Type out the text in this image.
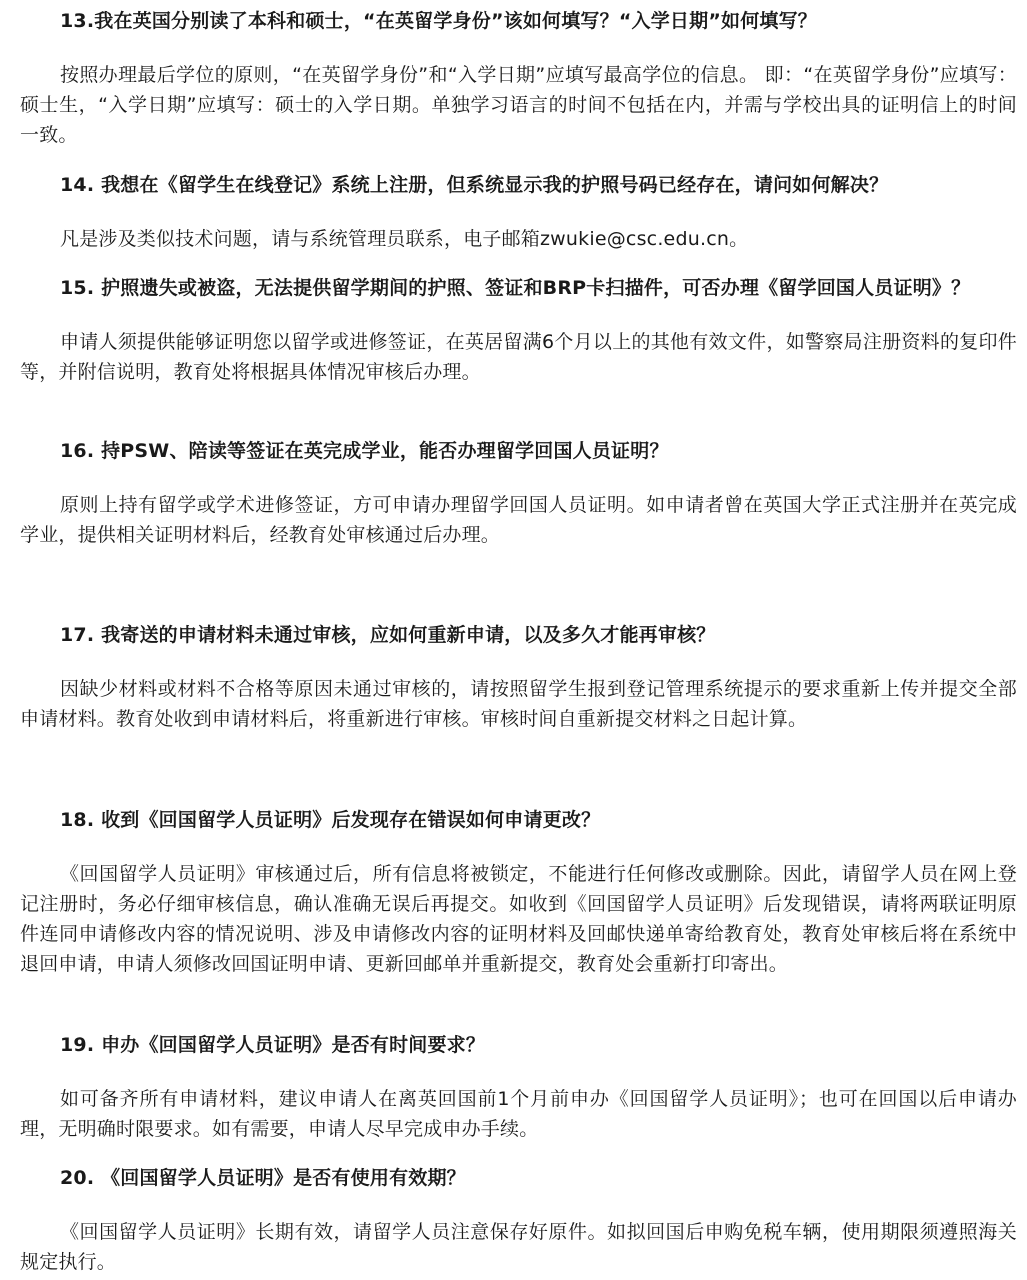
13.我在英国分别读了本科和硕士，“在英留学身份”该如何填写？“入学日期”如何填写？

按照办理最后学位的原则，“在英留学身份”和“入学日期”应填写最高学位的信息。 即：“在英留学身份”应填写：硕士生，“入学日期”应填写：硕士的入学日期。单独学习语言的时间不包括在内，并需与学校出具的证明信上的时间一致。

14. 我想在《留学生在线登记》系统上注册，但系统显示我的护照号码已经存在，请问如何解决？

凡是涉及类似技术问题，请与系统管理员联系，电子邮箱zwukie@csc.edu.cn。

15. 护照遗失或被盗，无法提供留学期间的护照、签证和BRP卡扫描件，可否办理《留学回国人员证明》？

申请人须提供能够证明您以留学或进修签证，在英居留满6个月以上的其他有效文件，如警察局注册资料的复印件等，并附信说明，教育处将根据具体情况审核后办理。

16. 持PSW、陪读等签证在英完成学业，能否办理留学回国人员证明？

原则上持有留学或学术进修签证，方可申请办理留学回国人员证明。如申请者曾在英国大学正式注册并在英完成学业，提供相关证明材料后，经教育处审核通过后办理。

17. 我寄送的申请材料未通过审核，应如何重新申请，以及多久才能再审核？

因缺少材料或材料不合格等原因未通过审核的，请按照留学生报到登记管理系统提示的要求重新上传并提交全部申请材料。教育处收到申请材料后，将重新进行审核。审核时间自重新提交材料之日起计算。

18. 收到《回国留学人员证明》后发现存在错误如何申请更改？

《回国留学人员证明》审核通过后，所有信息将被锁定，不能进行任何修改或删除。因此，请留学人员在网上登记注册时，务必仔细审核信息，确认准确无误后再提交。如收到《回国留学人员证明》后发现错误，请将两联证明原件连同申请修改内容的情况说明、涉及申请修改内容的证明材料及回邮快递单寄给教育处，教育处审核后将在系统中退回申请，申请人须修改回国证明申请、更新回邮单并重新提交，教育处会重新打印寄出。

19. 申办《回国留学人员证明》是否有时间要求？

如可备齐所有申请材料，建议申请人在离英回国前1个月前申办《回国留学人员证明》；也可在回国以后申请办理，无明确时限要求。如有需要，申请人尽早完成申办手续。

20. 《回国留学人员证明》是否有使用有效期？

《回国留学人员证明》长期有效，请留学人员注意保存好原件。如拟回国后申购免税车辆，使用期限须遵照海关规定执行。
